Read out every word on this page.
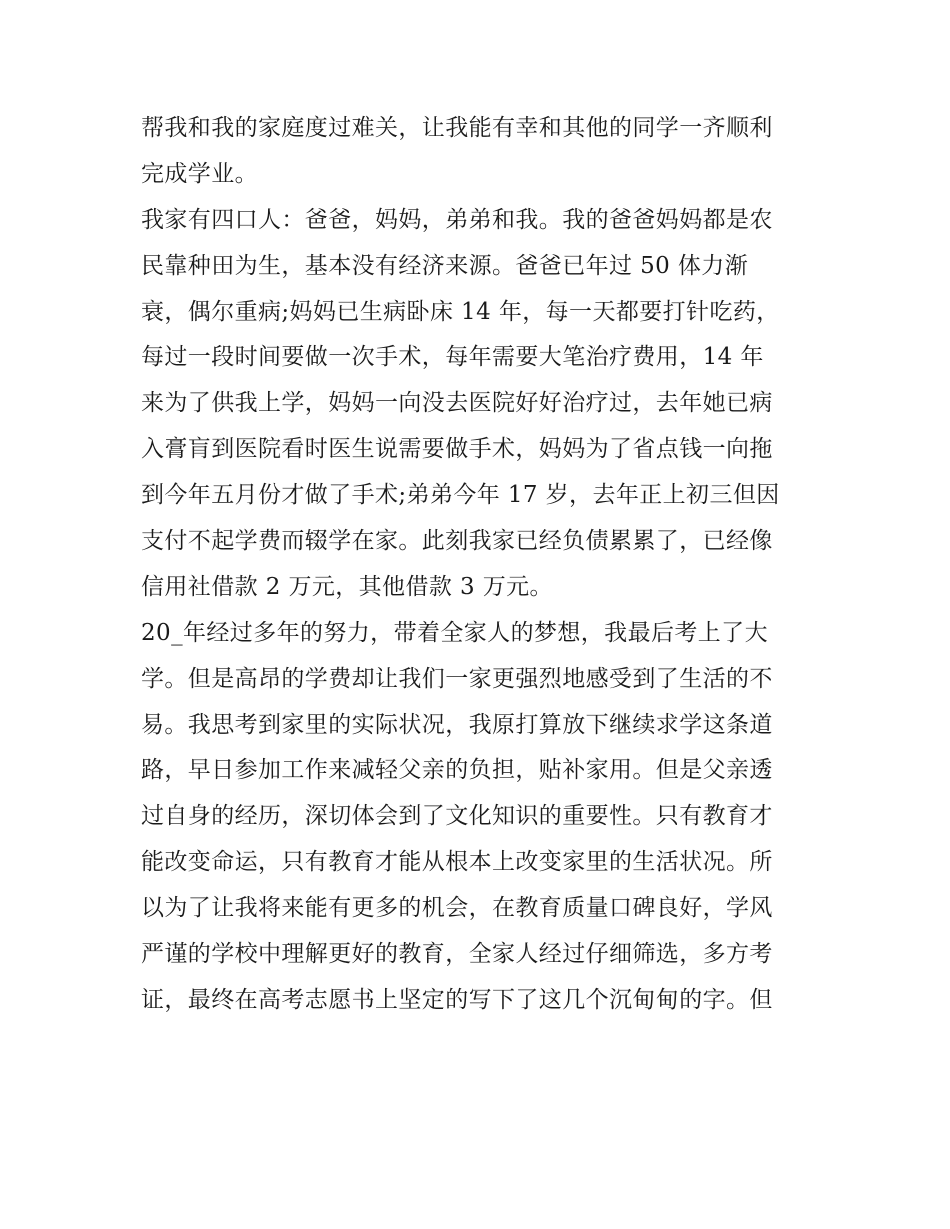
帮我和我的家庭度过难关，让我能有幸和其他的同学一齐顺利
完成学业。
我家有四口人：爸爸，妈妈，弟弟和我。我的爸爸妈妈都是农
民靠种田为生，基本没有经济来源。爸爸已年过 50 体力渐
衰，偶尔重病;妈妈已生病卧床 14 年，每一天都要打针吃药，
每过一段时间要做一次手术，每年需要大笔治疗费用，14 年
来为了供我上学，妈妈一向没去医院好好治疗过，去年她已病
入膏肓到医院看时医生说需要做手术，妈妈为了省点钱一向拖
到今年五月份才做了手术;弟弟今年 17 岁，去年正上初三但因
支付不起学费而辍学在家。此刻我家已经负债累累了，已经像
信用社借款 2 万元，其他借款 3 万元。
20_年经过多年的努力，带着全家人的梦想，我最后考上了大
学。但是高昂的学费却让我们一家更强烈地感受到了生活的不
易。我思考到家里的实际状况，我原打算放下继续求学这条道
路，早日参加工作来减轻父亲的负担，贴补家用。但是父亲透
过自身的经历，深切体会到了文化知识的重要性。只有教育才
能改变命运，只有教育才能从根本上改变家里的生活状况。所
以为了让我将来能有更多的机会，在教育质量口碑良好，学风
严谨的学校中理解更好的教育，全家人经过仔细筛选，多方考
证，最终在高考志愿书上坚定的写下了这几个沉甸甸的字。但
